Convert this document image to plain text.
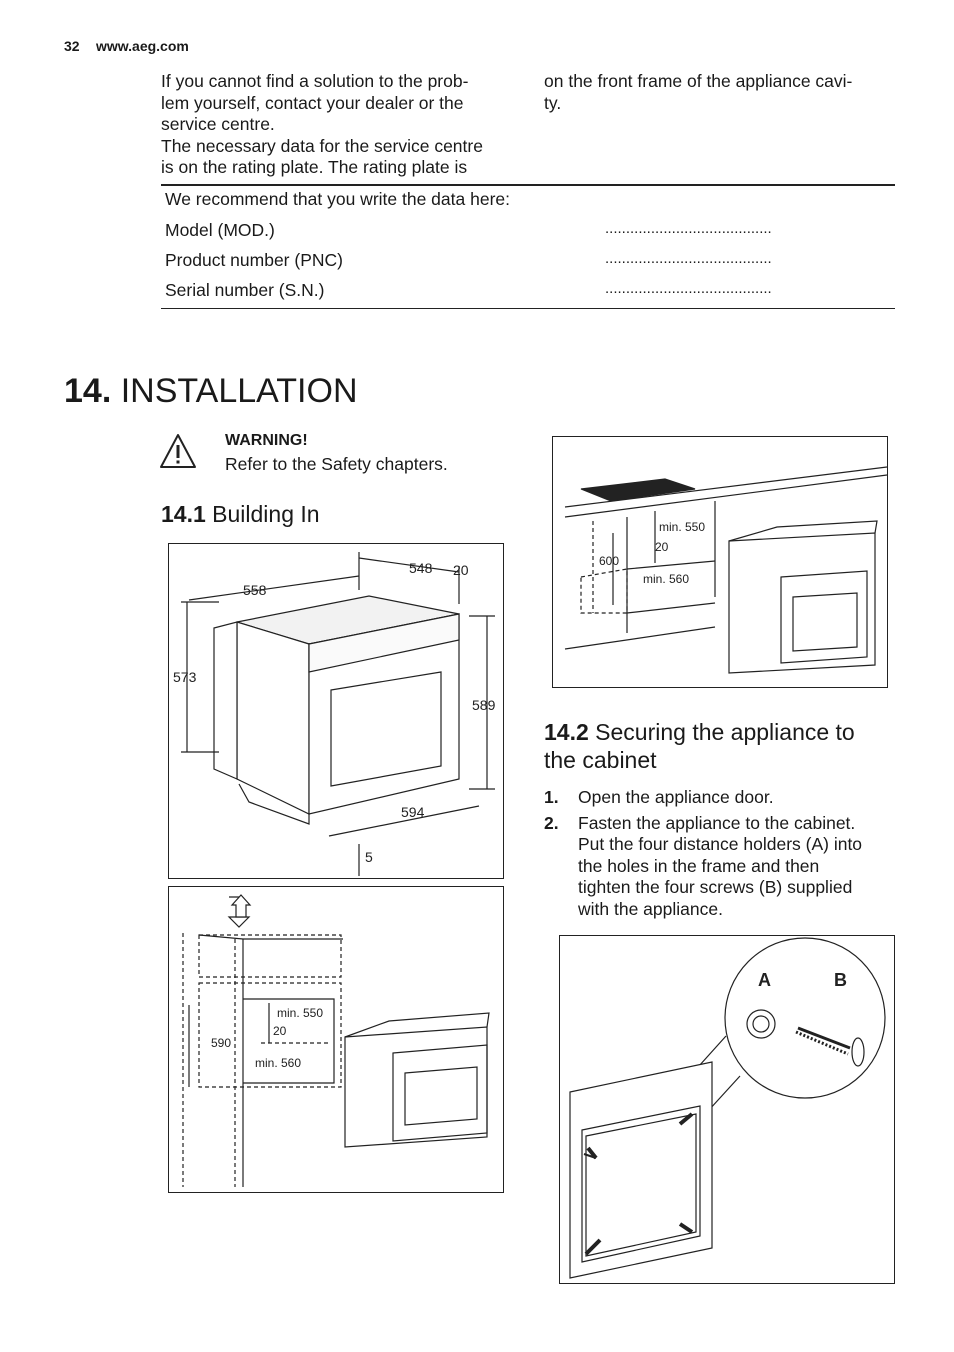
32 www.aeg.com
If you cannot find a solution to the prob-
lem yourself, contact your dealer or the
service centre.
The necessary data for the service centre
is on the rating plate. The rating plate is
on the front frame of the appliance cavi-
ty.
We recommend that you write the data here:
Model (MOD.)	........................................
Product number (PNC)	........................................
Serial number (S.N.)	........................................
14. INSTALLATION
WARNING!
Refer to the Safety chapters.
14.1 Building In
548 20
558
573
589
594
5
min. 550
20
590
min. 560
min. 550
20
600
min. 560
14.2 Securing the appliance to
the cabinet
1.	Open the appliance door.
2.	Fasten the appliance to the cabinet.
Put the four distance holders (A) into
the holes in the frame and then
tighten the four screws (B) supplied
with the appliance.
A	B
